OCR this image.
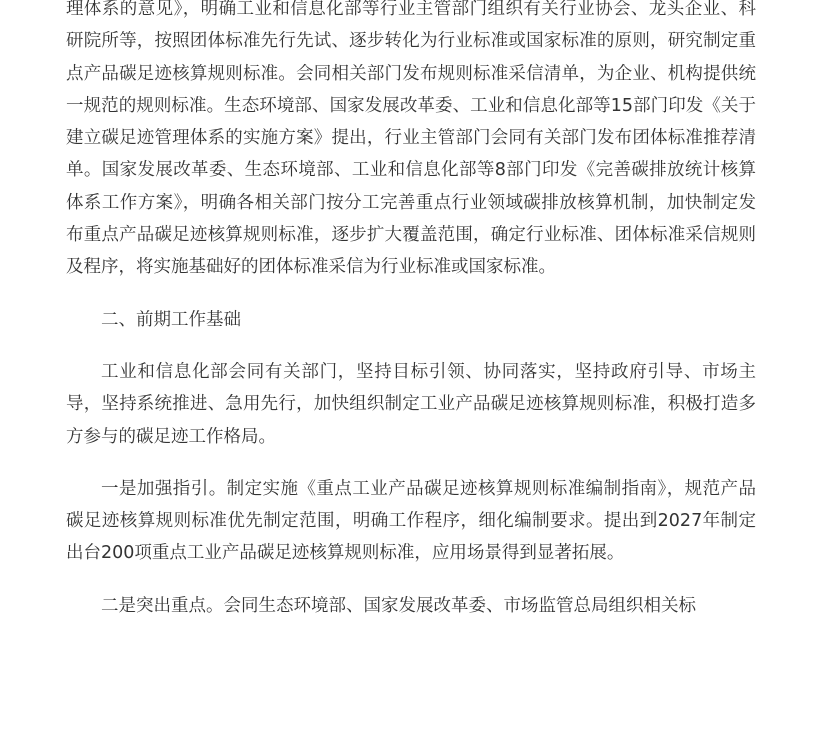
理体系的意见》，明确工业和信息化部等行业主管部门组织有关行业协会、龙头企业、科研院所等，按照团体标准先行先试、逐步转化为行业标准或国家标准的原则，研究制定重点产品碳足迹核算规则标准。会同相关部门发布规则标准采信清单，为企业、机构提供统一规范的规则标准。生态环境部、国家发展改革委、工业和信息化部等15部门印发《关于建立碳足迹管理体系的实施方案》提出，行业主管部门会同有关部门发布团体标准推荐清单。国家发展改革委、生态环境部、工业和信息化部等8部门印发《完善碳排放统计核算体系工作方案》，明确各相关部门按分工完善重点行业领域碳排放核算机制，加快制定发布重点产品碳足迹核算规则标准，逐步扩大覆盖范围，确定行业标准、团体标准采信规则及程序，将实施基础好的团体标准采信为行业标准或国家标准。

二、前期工作基础

工业和信息化部会同有关部门，坚持目标引领、协同落实，坚持政府引导、市场主导，坚持系统推进、急用先行，加快组织制定工业产品碳足迹核算规则标准，积极打造多方参与的碳足迹工作格局。

一是加强指引。制定实施《重点工业产品碳足迹核算规则标准编制指南》，规范产品碳足迹核算规则标准优先制定范围，明确工作程序，细化编制要求。提出到2027年制定出台200项重点工业产品碳足迹核算规则标准，应用场景得到显著拓展。

二是突出重点。会同生态环境部、国家发展改革委、市场监管总局组织相关标
